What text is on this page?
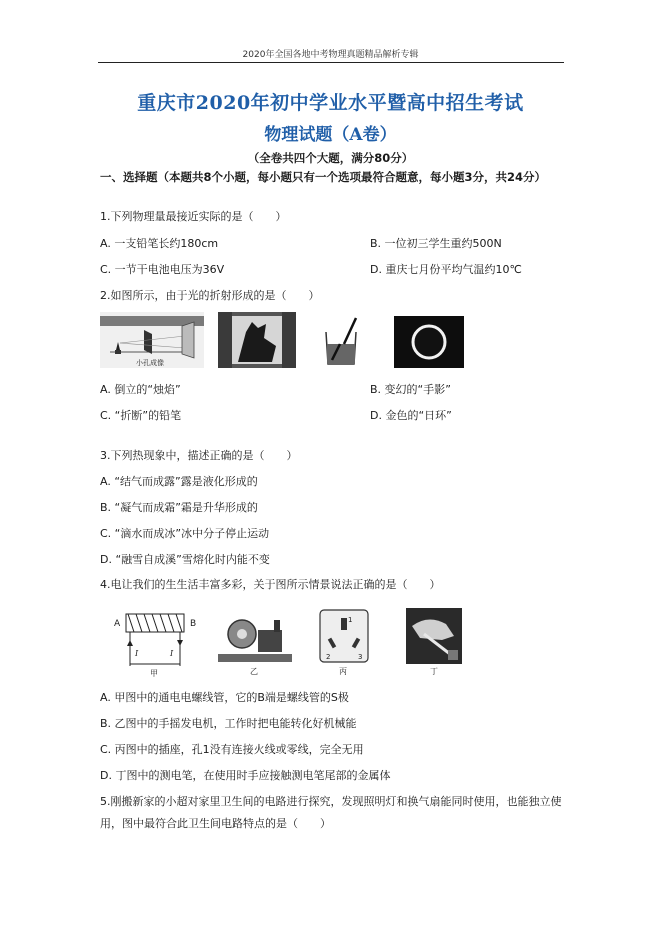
2020年全国各地中考物理真题精品解析专辑
重庆市2020年初中学业水平暨高中招生考试
物理试题（A卷）
（全卷共四个大题，满分80分）
一、选择题（本题共8个小题，每小题只有一个选项最符合题意，每小题3分，共24分）
1.下列物理量最接近实际的是（　　）
A. 一支铅笔长约180cm	B. 一位初三学生重约500N
C. 一节干电池电压为36V	D. 重庆七月份平均气温约10℃
2.如图所示，由于光的折射形成的是（　　）
小孔成像
A. 倒立的“烛焰”	B. 变幻的“手影”
C. “折断”的铅笔	D. 金色的“日环”
3.下列热现象中，描述正确的是（　　）
A. “结气而成露”露是液化形成的
B. “凝气而成霜”霜是升华形成的
C. “滴水而成冰”冰中分子停止运动
D. “融雪自成溪”雪熔化时内能不变
4.电让我们的生生活丰富多彩，关于图所示情景说法正确的是（　　）
A	B
I	I
甲	乙
1
2	3
丙	丁
A. 甲图中的通电电螺线管，它的B端是螺线管的S极
B. 乙图中的手摇发电机，工作时把电能转化好机械能
C. 丙图中的插座，孔1没有连接火线或零线，完全无用
D. 丁图中的测电笔，在使用时手应接触测电笔尾部的金属体
5.刚搬新家的小超对家里卫生间的电路进行探究，发现照明灯和换气扇能同时使用，也能独立使用，图中最符合此卫生间电路特点的是（　　）
